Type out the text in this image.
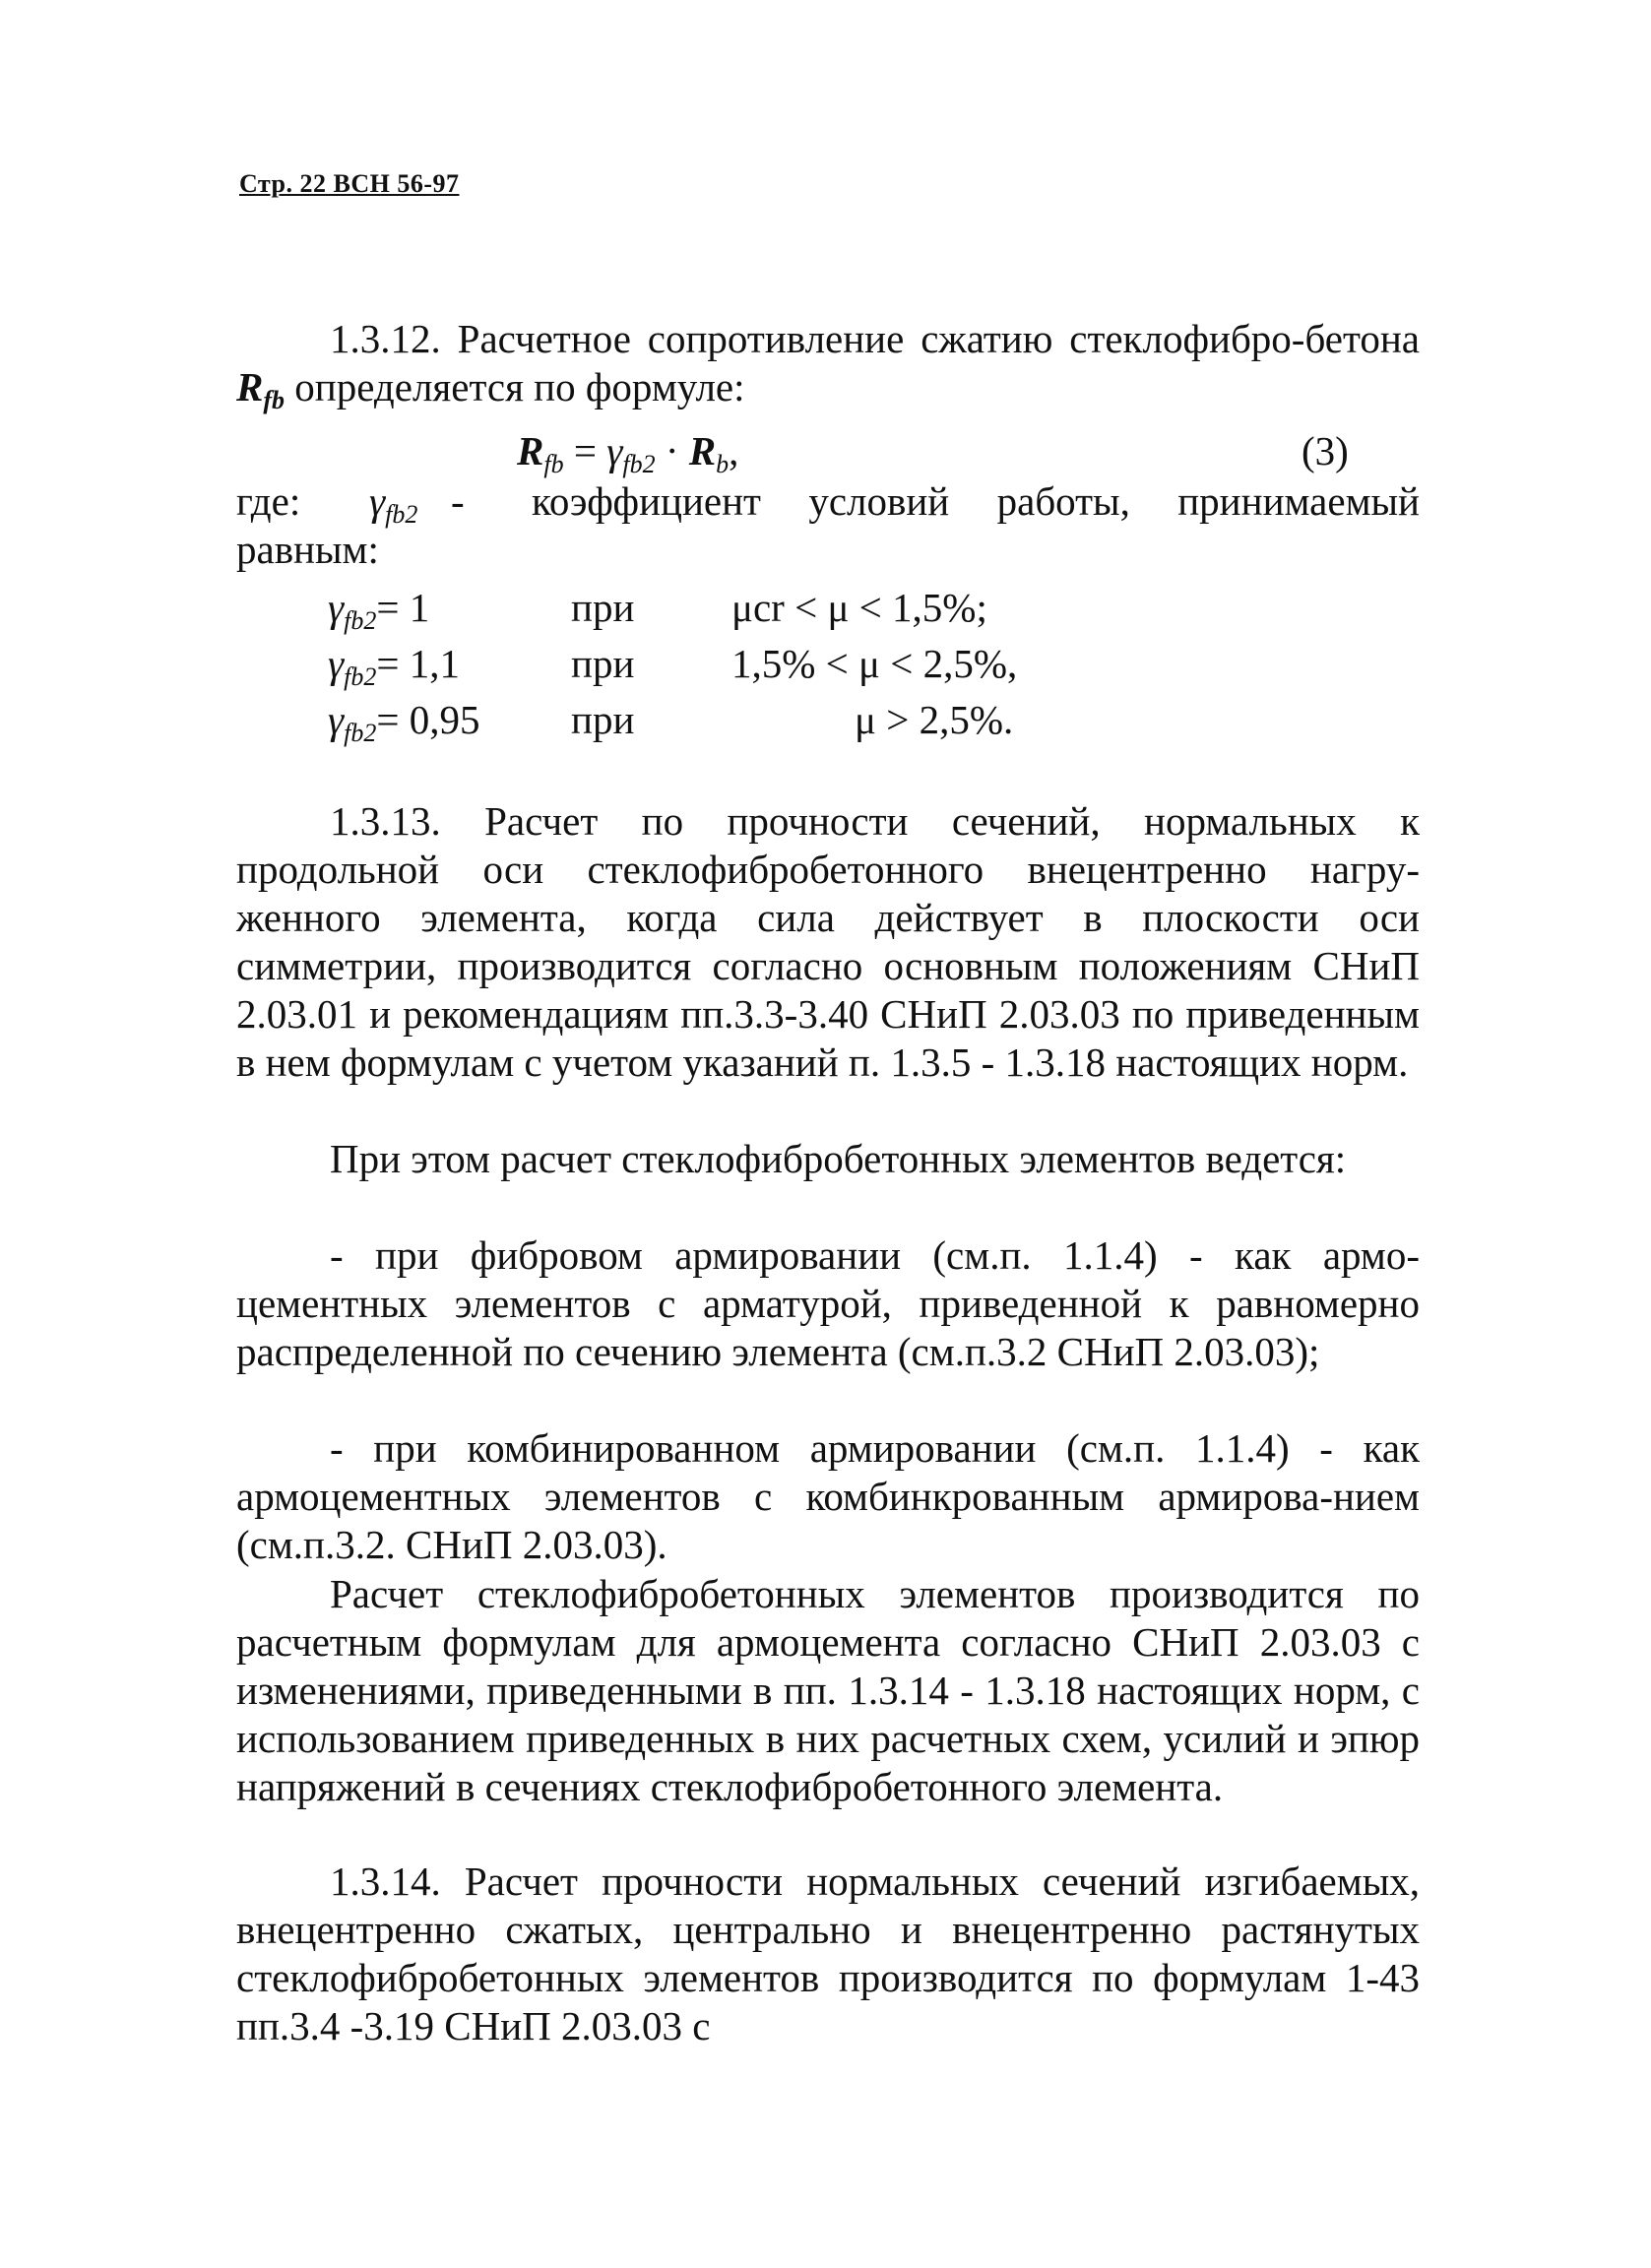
Стр. 22 ВСН 56-97
1.3.12. Расчетное сопротивление сжатию стеклофибро-бетона $R_{fb}$ определяется по формуле:
$R_{fb} = \gamma_{fb2} \cdot R_b$,	(3)
где: $\gamma_{fb2}$ - коэффициент условий работы, принимаемый
равным:
$\gamma_{fb2} = 1$	при μcr < μ < 1,5%;
$\gamma_{fb2} = 1,1$	при 1,5% < μ < 2,5%,
$\gamma_{fb2} = 0,95$ при	μ > 2,5%.
1.3.13. Расчет по прочности сечений, нормальных к продольной оси стеклофибробетонного внецентренно нагру-женного элемента, когда сила действует в плоскости оси симметрии, производится согласно основным положениям СНиП 2.03.01 и рекомендациям пп.3.3-3.40 СНиП 2.03.03 по приведенным в нем формулам с учетом указаний п. 1.3.5 - 1.3.18 настоящих норм.
При этом расчет стеклофибробетонных элементов ведется:
- при фибровом армировании (см.п. 1.1.4) - как армо-цементных элементов с арматурой, приведенной к равномерно распределенной по сечению элемента (см.п.3.2 СНиП 2.03.03);
- при комбинированном армировании (см.п. 1.1.4) - как армоцементных элементов с комбинкрованным армирова-нием (см.п.3.2. СНиП 2.03.03).
Расчет стеклофибробетонных элементов производится по расчетным формулам для армоцемента согласно СНиП 2.03.03 с изменениями, приведенными в пп. 1.3.14 - 1.3.18 настоящих норм, с использованием приведенных в них расчетных схем, усилий и эпюр напряжений в сечениях стеклофибробетонного элемента.
1.3.14. Расчет прочности нормальных сечений изгибаемых, внецентренно сжатых, центрально и внецентренно растянутых стеклофибробетонных элементов производится по формулам 1-43 пп.3.4 -3.19 СНиП 2.03.03 с
